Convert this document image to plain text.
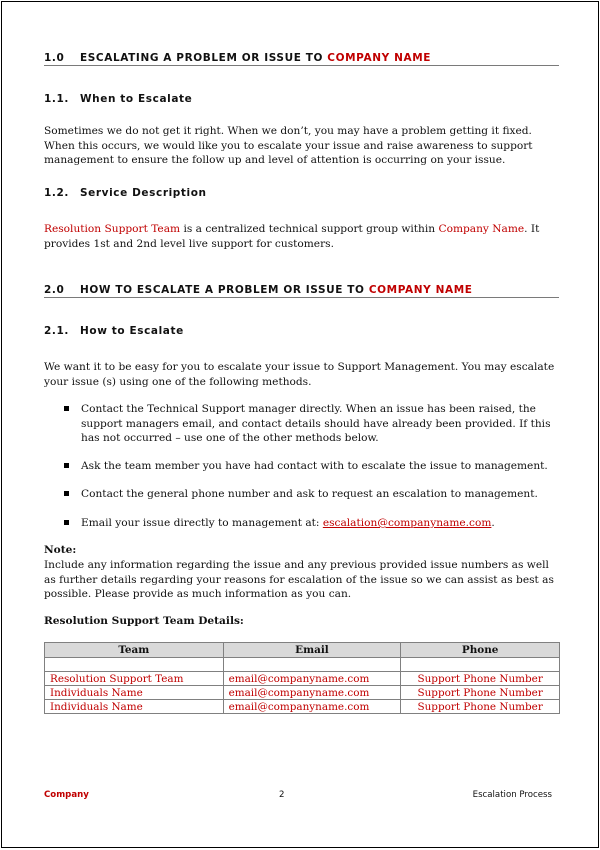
1.0 ESCALATING A PROBLEM OR ISSUE TO COMPANY NAME
1.1. When to Escalate

Sometimes we do not get it right. When we don’t, you may have a problem getting it fixed. When this occurs, we would like you to escalate your issue and raise awareness to support management to ensure the follow up and level of attention is occurring on your issue.

1.2. Service Description

Resolution Support Team is a centralized technical support group within Company Name. It provides 1st and 2nd level live support for customers.

2.0 HOW TO ESCALATE A PROBLEM OR ISSUE TO COMPANY NAME
2.1. How to Escalate

We want it to be easy for you to escalate your issue to Support Management. You may escalate your issue (s) using one of the following methods.

Contact the Technical Support manager directly. When an issue has been raised, the support managers email, and contact details should have already been provided. If this has not occurred – use one of the other methods below.
Ask the team member you have had contact with to escalate the issue to management.
Contact the general phone number and ask to request an escalation to management.
Email your issue directly to management at: escalation@companyname.com.
Note:

Include any information regarding the issue and any previous provided issue numbers as well as further details regarding your reasons for escalation of the issue so we can assist as best as possible. Please provide as much information as you can.

Resolution Support Team Details:
Team	Email	Phone

Resolution Support Team	email@companyname.com	Support Phone Number
Individuals Name	email@companyname.com	Support Phone Number
Individuals Name	email@companyname.com	Support Phone Number
Company	2	Escalation Process
